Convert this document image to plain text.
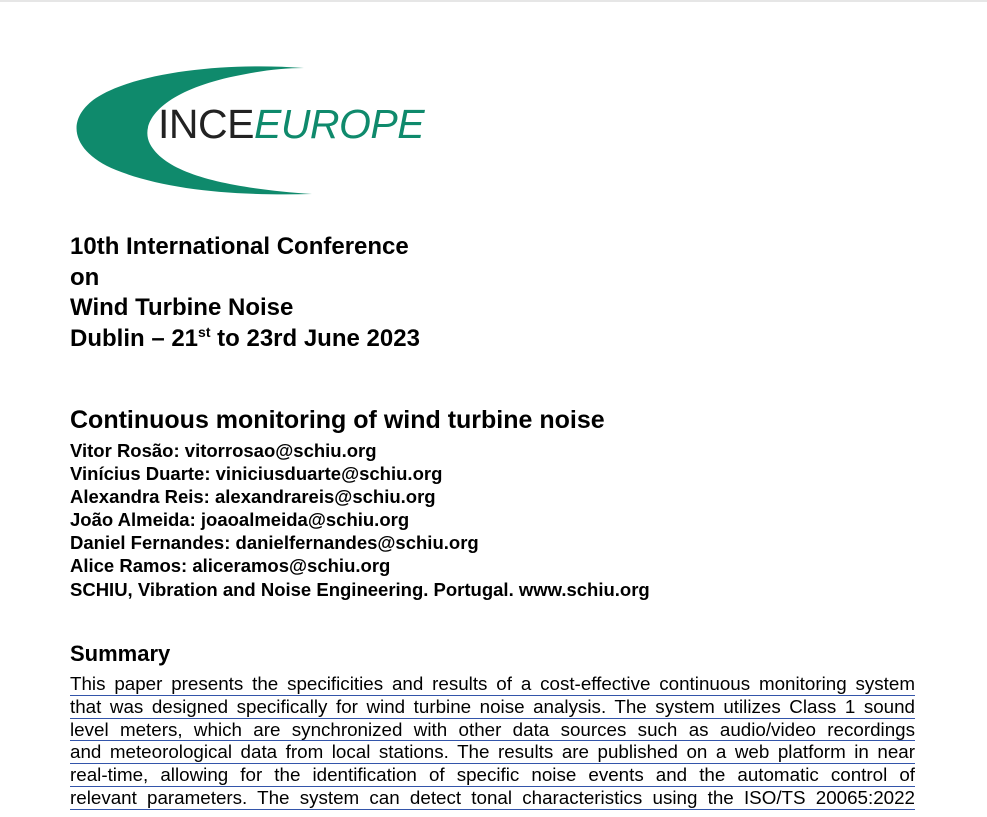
INCEEUROPE
10th International Conference
on
Wind Turbine Noise
Dublin – 21st to 23rd June 2023
Continuous monitoring of wind turbine noise
Vitor Rosão: vitorrosao@schiu.org
Vinícius Duarte: viniciusduarte@schiu.org
Alexandra Reis: alexandrareis@schiu.org
João Almeida: joaoalmeida@schiu.org
Daniel Fernandes: danielfernandes@schiu.org
Alice Ramos: aliceramos@schiu.org
SCHIU, Vibration and Noise Engineering. Portugal. www.schiu.org
Summary
This paper presents the specificities and results of a cost-effective continuous monitoring system
that was designed specifically for wind turbine noise analysis. The system utilizes Class 1 sound
level meters, which are synchronized with other data sources such as audio/video recordings
and meteorological data from local stations. The results are published on a web platform in near
real-time, allowing for the identification of specific noise events and the automatic control of
relevant parameters. The system can detect tonal characteristics using the ISO/TS 20065:2022
